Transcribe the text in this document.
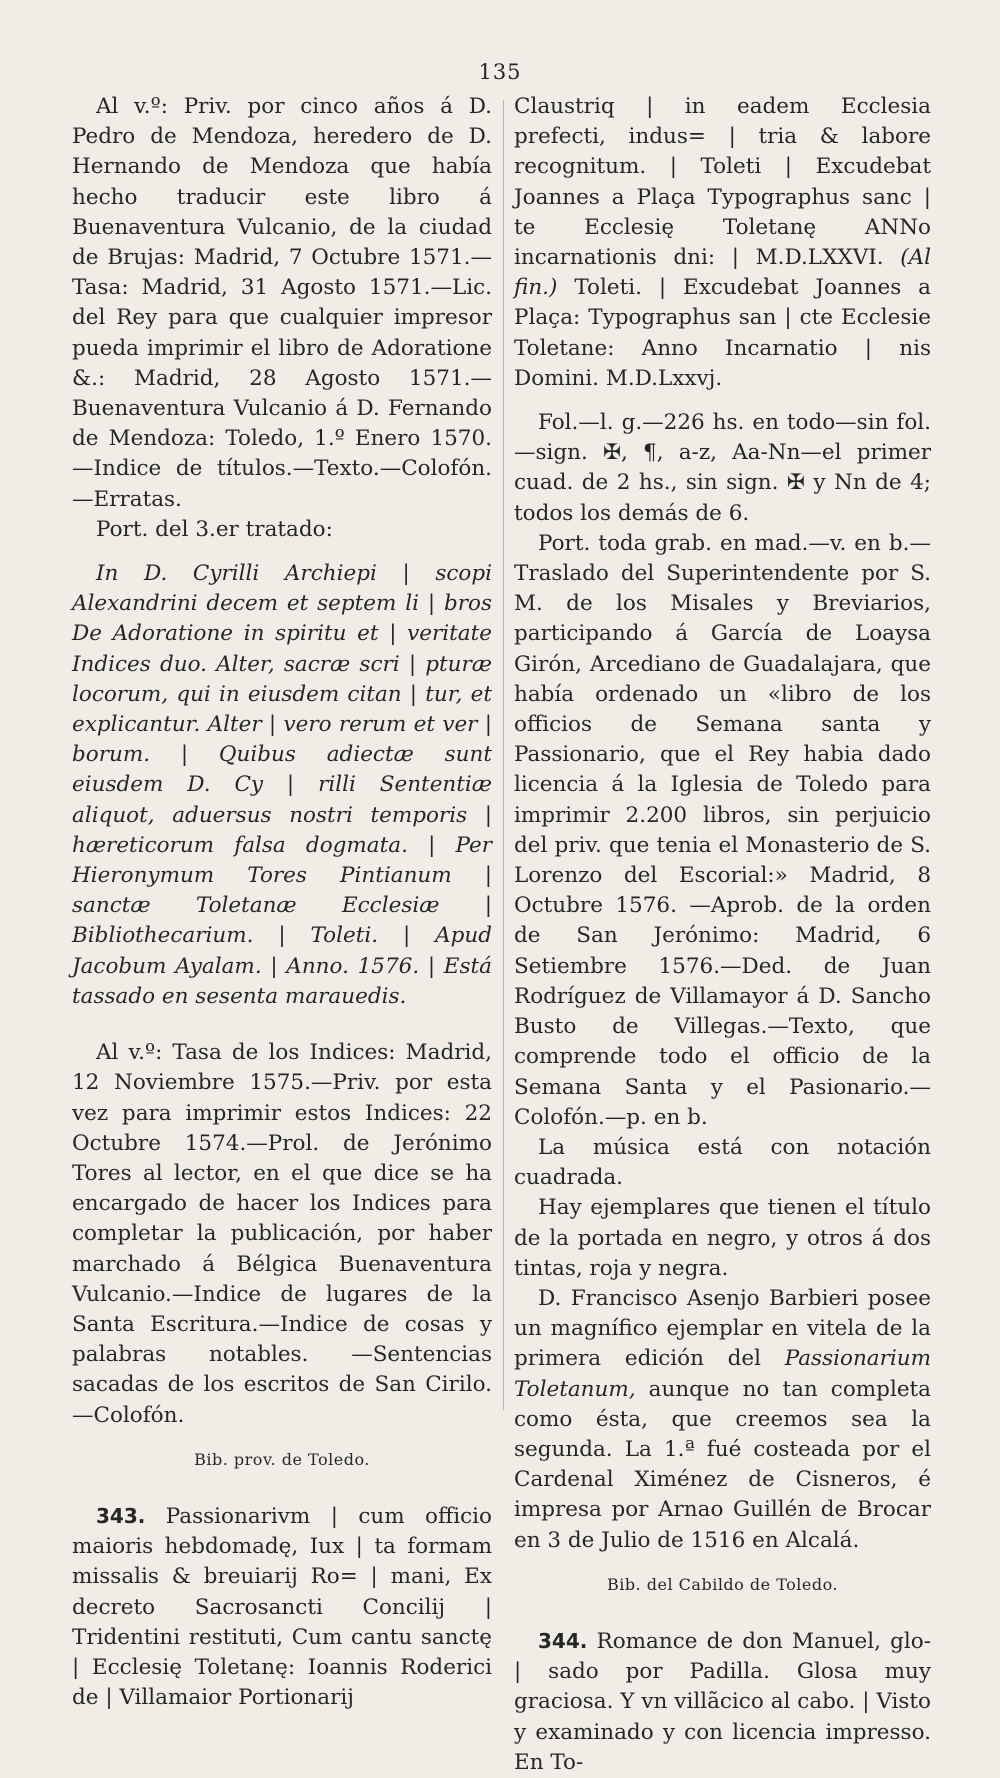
135

Al v.º: Priv. por cinco años á D. Pedro de Mendoza, heredero de D. Hernando de Mendoza que había hecho traducir este libro á Buenaventura Vulcanio, de la ciudad de Brujas: Madrid, 7 Octubre 1571.—Tasa: Madrid, 31 Agosto 1571.—Lic. del Rey para que cualquier impresor pueda imprimir el libro de Adoratione &.: Madrid, 28 Agosto 1571.—Buenaventura Vulcanio á D. Fernando de Mendoza: Toledo, 1.º Enero 1570. —Indice de títulos.—Texto.—Colofón.—Erratas.

Port. del 3.er tratado:

In D. Cyrilli Archiepi | scopi Alexandrini decem et septem li | bros De Adoratione in spiritu et | veritate Indices duo. Alter, sacræ scri | pturæ locorum, qui in eiusdem citan | tur, et explicantur. Alter | vero rerum et ver | borum. | Quibus adiectæ sunt eiusdem D. Cy | rilli Sententiæ aliquot, aduersus nostri temporis | hæreticorum falsa dogmata. | Per Hieronymum Tores Pintianum | sanctæ Toletanæ Ecclesiæ | Bibliothecarium. | Toleti. | Apud Jacobum Ayalam. | Anno. 1576. | Está tassado en sesenta marauedis.

Al v.º: Tasa de los Indices: Madrid, 12 Noviembre 1575.—Priv. por esta vez para imprimir estos Indices: 22 Octubre 1574.—Prol. de Jerónimo Tores al lector, en el que dice se ha encargado de hacer los Indices para completar la publicación, por haber marchado á Bélgica Buenaventura Vulcanio.—Indice de lugares de la Santa Escritura.—Indice de cosas y palabras notables. —Sentencias sacadas de los escritos de San Cirilo.—Colofón.

Bib. prov. de Toledo.

343. Passionarivm | cum officio maioris hebdomadę, Iux | ta formam missalis & breuiarij Ro= | mani, Ex decreto Sacrosancti Concilij | Tridentini restituti, Cum cantu sanctę | Ecclesię Toletanę: Ioannis Roderici de | Villamaior Portionarij

Claustriq | in eadem Ecclesia prefecti, indus= | tria & labore recognitum. | Toleti | Excudebat Joannes a Plaça Typographus sanc | te Ecclesię Toletanę ANNo incarnationis dni: | M.D.LXXVI. (Al fin.) Toleti. | Excudebat Joannes a Plaça: Typographus san | cte Ecclesie Toletane: Anno Incarnatio | nis Domini. M.D.Lxxvj.

Fol.—l. g.—226 hs. en todo—sin fol.—sign. ✠, ¶, a-z, Aa-Nn—el primer cuad. de 2 hs., sin sign. ✠ y Nn de 4; todos los demás de 6.

Port. toda grab. en mad.—v. en b.—Traslado del Superintendente por S. M. de los Misales y Breviarios, participando á García de Loaysa Girón, Arcediano de Guadalajara, que había ordenado un «libro de los officios de Semana santa y Passionario, que el Rey habia dado licencia á la Iglesia de Toledo para imprimir 2.200 libros, sin perjuicio del priv. que tenia el Monasterio de S. Lorenzo del Escorial:» Madrid, 8 Octubre 1576. —Aprob. de la orden de San Jerónimo: Madrid, 6 Setiembre 1576.—Ded. de Juan Rodríguez de Villamayor á D. Sancho Busto de Villegas.—Texto, que comprende todo el officio de la Semana Santa y el Pasionario.—Colofón.—p. en b.

La música está con notación cuadrada.

Hay ejemplares que tienen el título de la portada en negro, y otros á dos tintas, roja y negra.

D. Francisco Asenjo Barbieri posee un magnífico ejemplar en vitela de la primera edición del Passionarium Toletanum, aunque no tan completa como ésta, que creemos sea la segunda. La 1.ª fué costeada por el Cardenal Ximénez de Cisneros, é impresa por Arnao Guillén de Brocar en 3 de Julio de 1516 en Alcalá.

Bib. del Cabildo de Toledo.

344. Romance de don Manuel, glo- | sado por Padilla. Glosa muy graciosa. Y vn villãcico al cabo. | Visto y examinado y con licencia impresso. En To-
